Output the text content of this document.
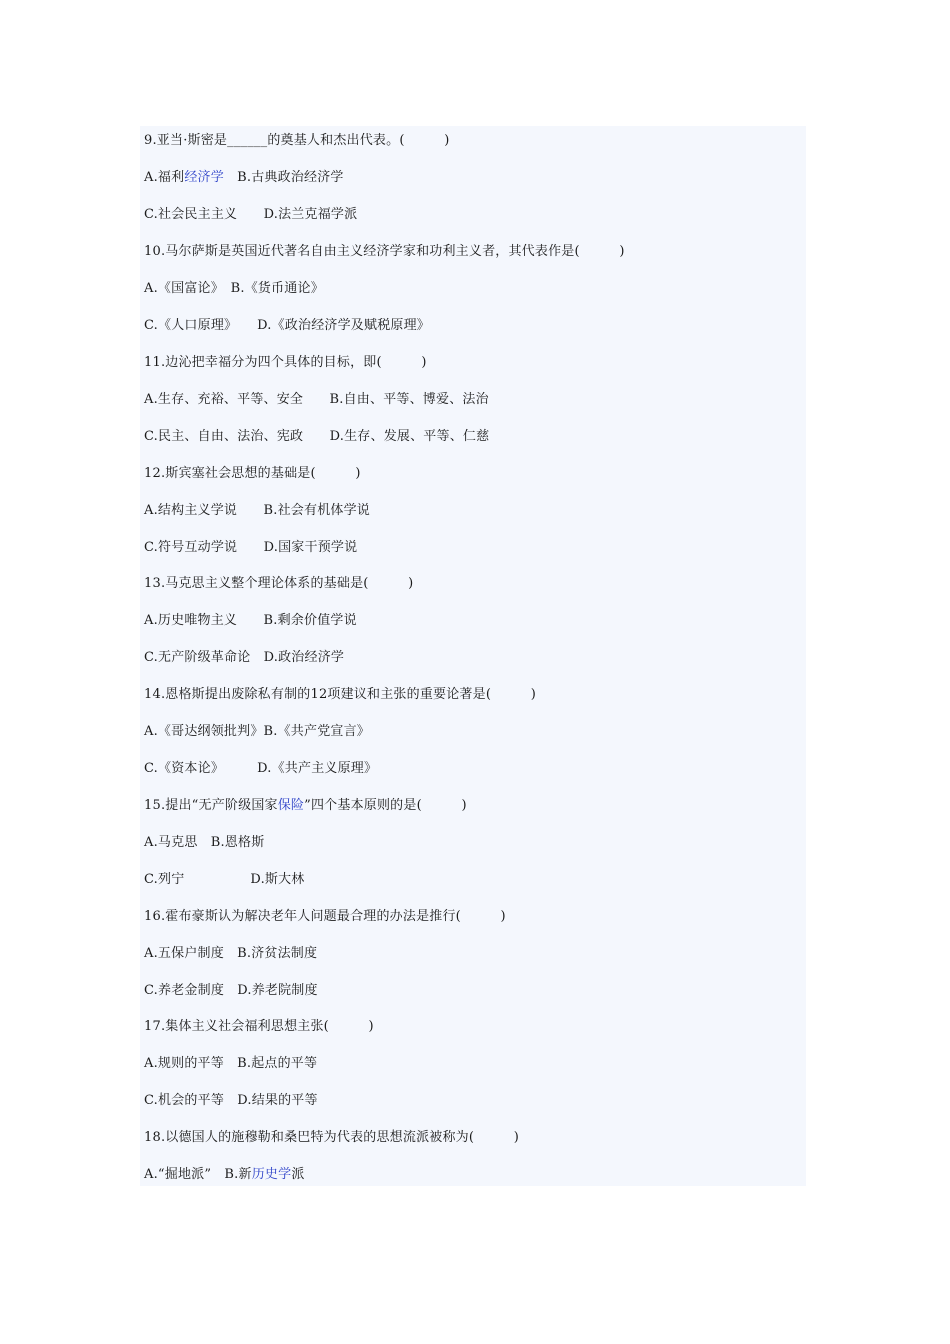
9.亚当·斯密是______的奠基人和杰出代表。(　　　)
A.福利经济学　B.古典政治经济学
C.社会民主主义　　D.法兰克福学派
10.马尔萨斯是英国近代著名自由主义经济学家和功利主义者，其代表作是(　　　)
A.《国富论》　B.《货币通论》
C.《人口原理》　　D.《政治经济学及赋税原理》
11.边沁把幸福分为四个具体的目标，即(　　　)
A.生存、充裕、平等、安全　　B.自由、平等、博爱、法治
C.民主、自由、法治、宪政　　D.生存、发展、平等、仁慈
12.斯宾塞社会思想的基础是(　　　)
A.结构主义学说　　B.社会有机体学说
C.符号互动学说　　D.国家干预学说
13.马克思主义整个理论体系的基础是(　　　)
A.历史唯物主义　　B.剩余价值学说
C.无产阶级革命论　D.政治经济学
14.恩格斯提出废除私有制的12项建议和主张的重要论著是(　　　)
A.《哥达纲领批判》B.《共产党宣言》
C.《资本论》　　　D.《共产主义原理》
15.提出“无产阶级国家保险”四个基本原则的是(　　　)
A.马克思　B.恩格斯
C.列宁　　　　　D.斯大林
16.霍布豪斯认为解决老年人问题最合理的办法是推行(　　　)
A.五保户制度　B.济贫法制度
C.养老金制度　D.养老院制度
17.集体主义社会福利思想主张(　　　)
A.规则的平等　B.起点的平等
C.机会的平等　D.结果的平等
18.以德国人的施穆勒和桑巴特为代表的思想流派被称为(　　　)
A.“掘地派”　B.新历史学派
